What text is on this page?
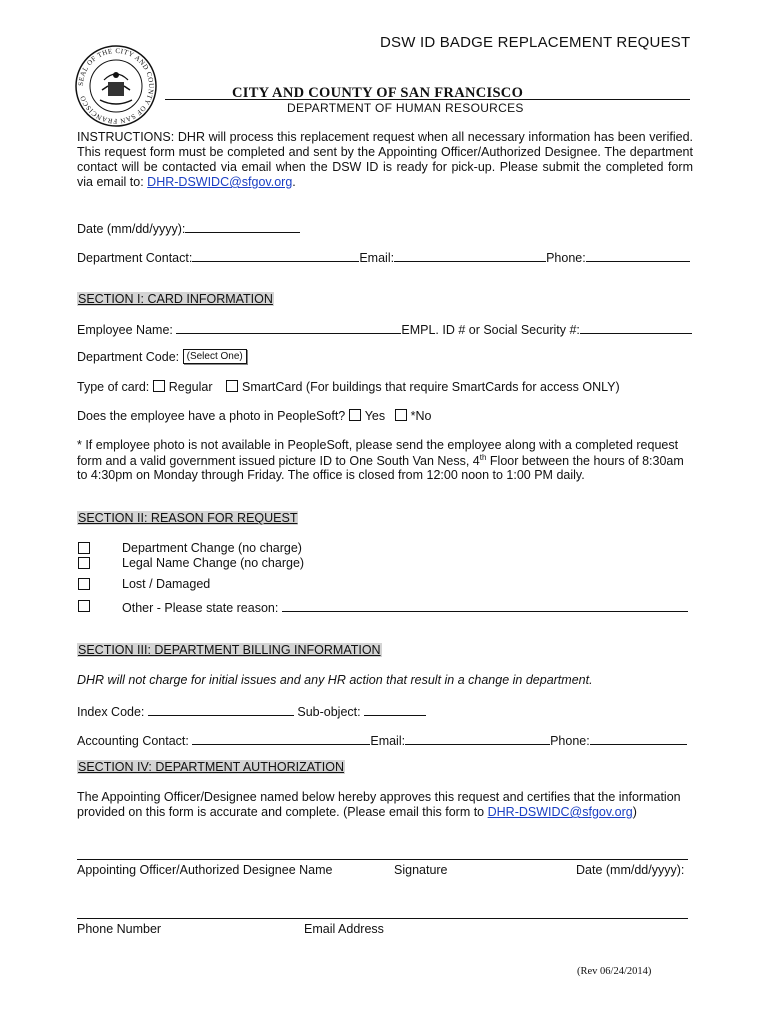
SEAL OF THE CITY AND COUNTY OF SAN FRANCISCO
DSW ID BADGE REPLACEMENT REQUEST
CITY AND COUNTY OF SAN FRANCISCO
DEPARTMENT OF HUMAN RESOURCES
INSTRUCTIONS: DHR will process this replacement request when all necessary information has been verified. This request form must be completed and sent by the Appointing Officer/Authorized Designee. The department contact will be contacted via email when the DSW ID is ready for pick-up. Please submit the completed form via email to: DHR-DSWIDC@sfgov.org.
Date (mm/dd/yyyy):
Department Contact:	Email:	Phone:
SECTION I: CARD INFORMATION
Employee Name:	EMPL. ID # or Social Security #:
Department Code: (Select One)
Type of card: Regular SmartCard (For buildings that require SmartCards for access ONLY)
Does the employee have a photo in PeopleSoft? Yes *No
* If employee photo is not available in PeopleSoft, please send the employee along with a completed request
form and a valid government issued picture ID to One South Van Ness, 4th Floor between the hours of 8:30am
to 4:30pm on Monday through Friday. The office is closed from 12:00 noon to 1:00 PM daily.
SECTION II: REASON FOR REQUEST
Department Change (no charge)
Legal Name Change (no charge)
Lost / Damaged
Other - Please state reason:
SECTION III: DEPARTMENT BILLING INFORMATION
DHR will not charge for initial issues and any HR action that result in a change in department.
Index Code:	Sub-object:
Accounting Contact:	Email:	Phone:
SECTION IV: DEPARTMENT AUTHORIZATION
The Appointing Officer/Designee named below hereby approves this request and certifies that the information
provided on this form is accurate and complete. (Please email this form to DHR-DSWIDC@sfgov.org)
Appointing Officer/Authorized Designee Name	Signature	Date (mm/dd/yyyy):
Phone Number	Email Address
(Rev 06/24/2014)
